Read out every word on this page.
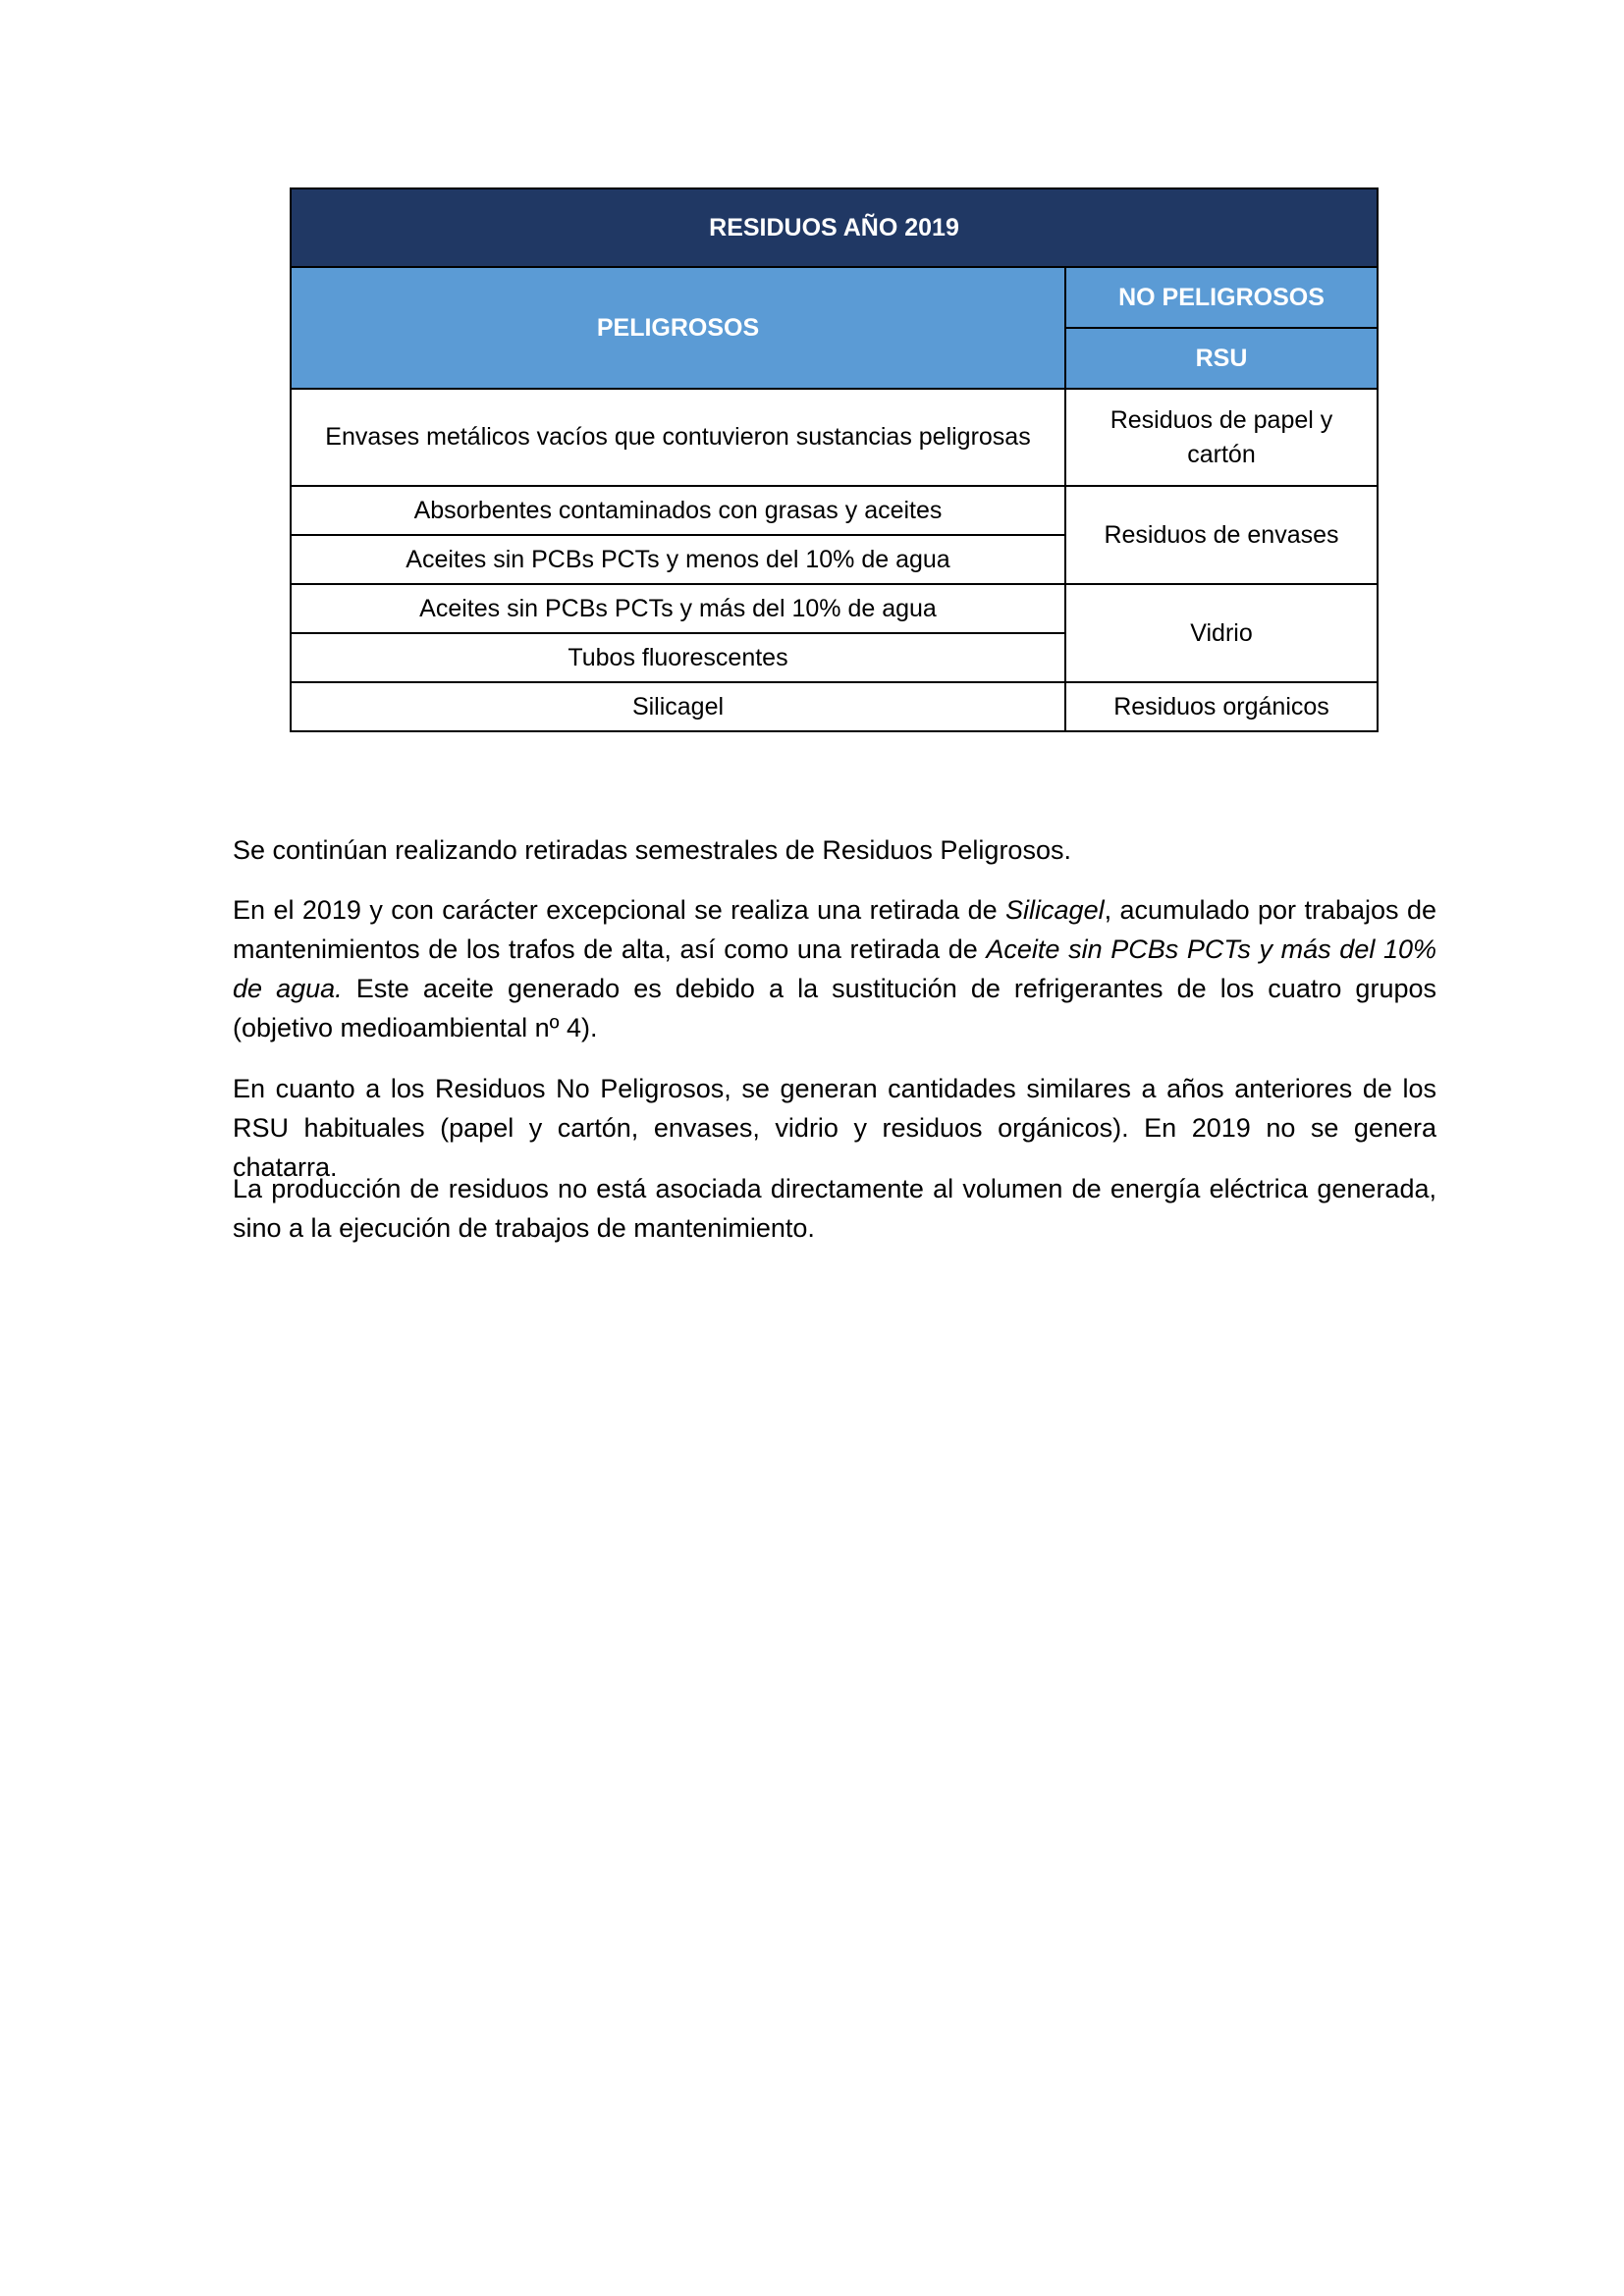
RESIDUOS AÑO 2019	
PELIGROSOS	NO PELIGROSOS
	RSU
Envases metálicos vacíos que contuvieron sustancias peligrosas	Residuos de papel y cartón
Absorbentes contaminados con grasas y aceites	Residuos de envases
Aceites sin PCBs PCTs y menos del 10% de agua	
Aceites sin PCBs PCTs y más del 10% de agua	Vidrio
Tubos fluorescentes	
Silicagel	Residuos orgánicos

Se continúan realizando retiradas semestrales de Residuos Peligrosos.

En el 2019 y con carácter excepcional se realiza una retirada de Silicagel, acumulado por trabajos de mantenimientos de los trafos de alta, así como una retirada de Aceite sin PCBs PCTs y más del 10% de agua. Este aceite generado es debido a la sustitución de refrigerantes de los cuatro grupos (objetivo medioambiental nº 4).

En cuanto a los Residuos No Peligrosos, se generan cantidades similares a años anteriores de los RSU habituales (papel y cartón, envases, vidrio y residuos orgánicos). En 2019 no se genera chatarra.

La producción de residuos no está asociada directamente al volumen de energía eléctrica generada, sino a la ejecución de trabajos de mantenimiento.
